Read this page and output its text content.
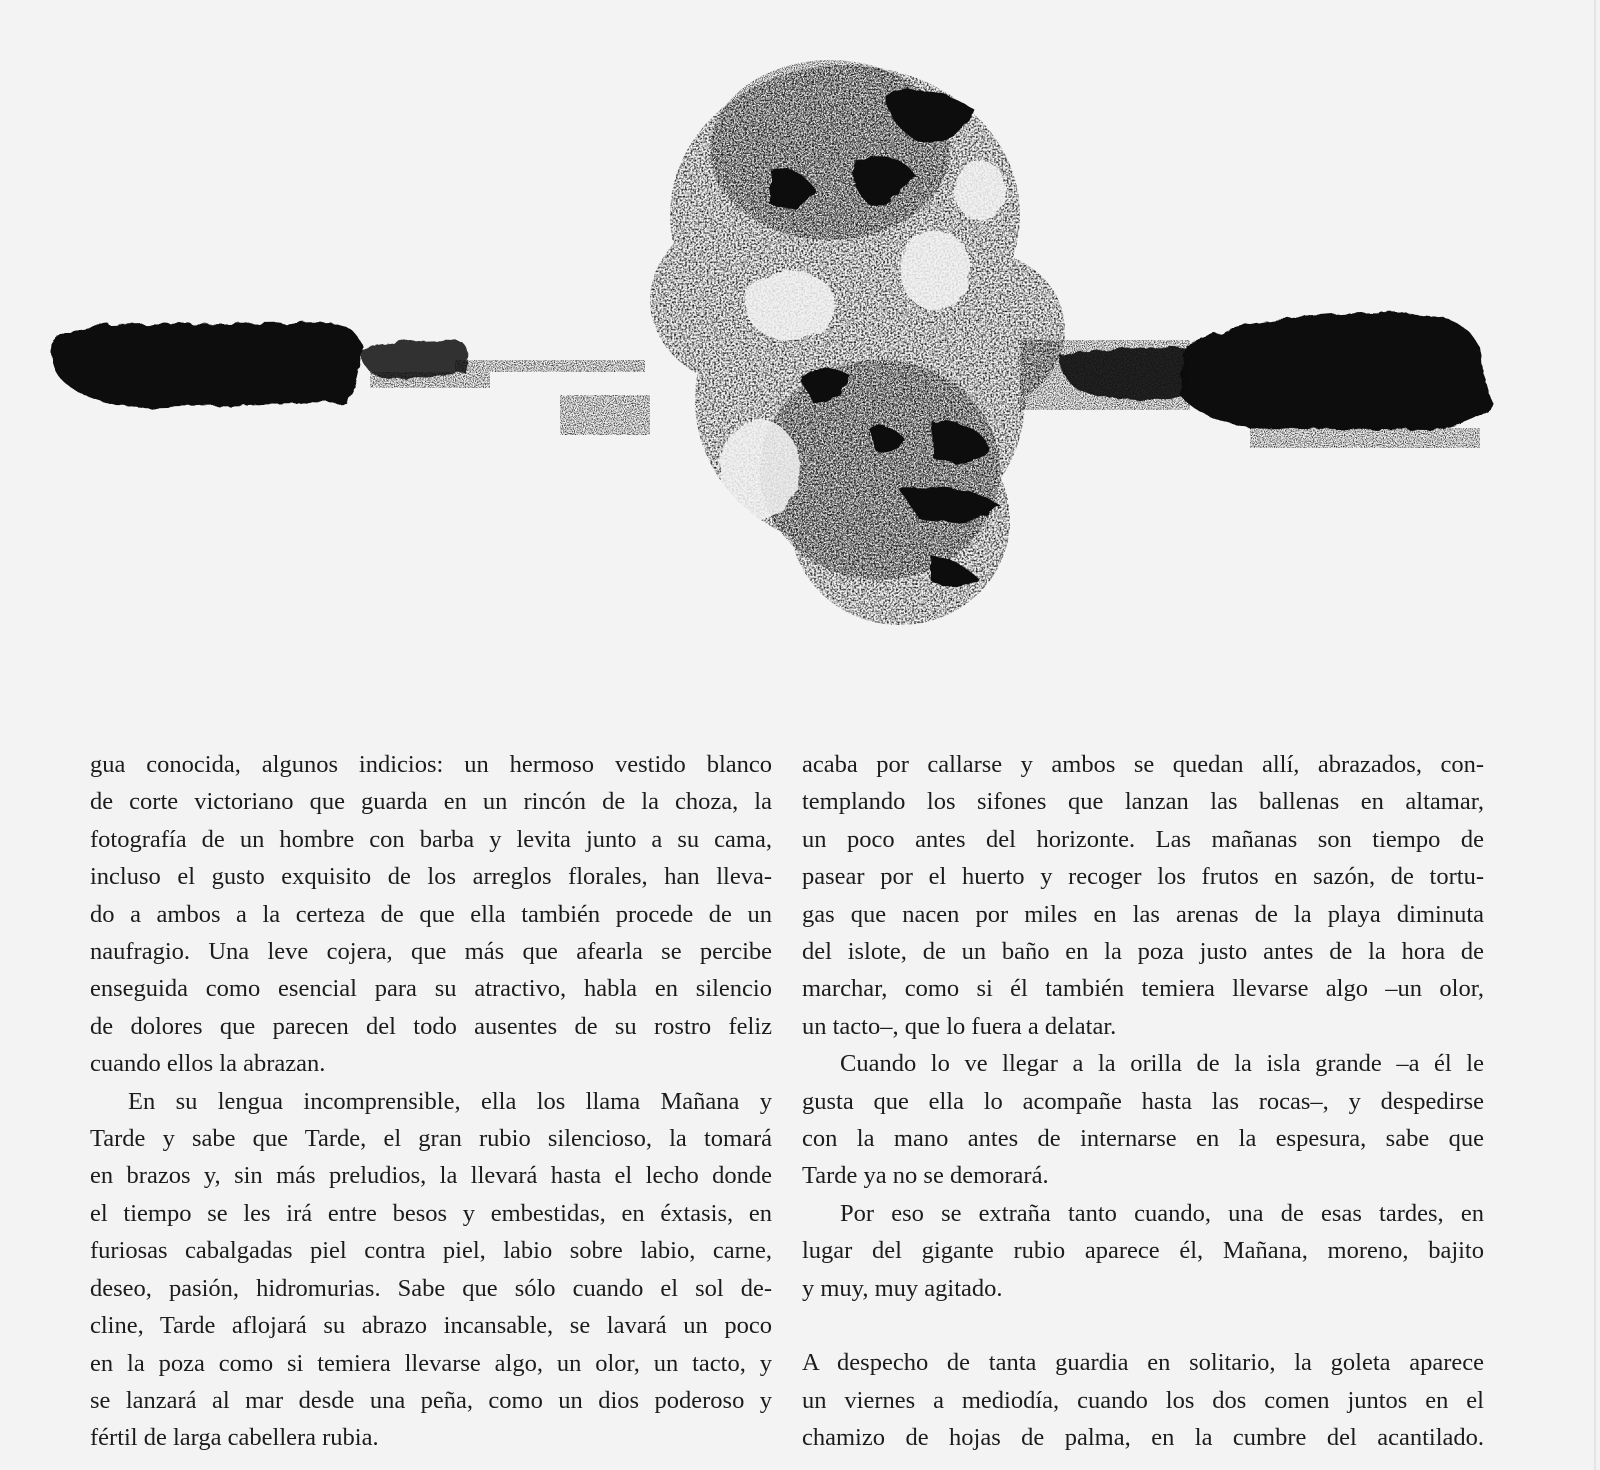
gua conocida, algunos indicios: un hermoso vestido blanco
de corte victoriano que guarda en un rincón de la choza, la
fotografía de un hombre con barba y levita junto a su cama,
incluso el gusto exquisito de los arreglos florales, han lleva-
do a ambos a la certeza de que ella también procede de un
naufragio. Una leve cojera, que más que afearla se percibe
enseguida como esencial para su atractivo, habla en silencio
de dolores que parecen del todo ausentes de su rostro feliz
cuando ellos la abrazan.

En su lengua incomprensible, ella los llama Mañana y
Tarde y sabe que Tarde, el gran rubio silencioso, la tomará
en brazos y, sin más preludios, la llevará hasta el lecho donde
el tiempo se les irá entre besos y embestidas, en éxtasis, en
furiosas cabalgadas piel contra piel, labio sobre labio, carne,
deseo, pasión, hidromurias. Sabe que sólo cuando el sol de-
cline, Tarde aflojará su abrazo incansable, se lavará un poco
en la poza como si temiera llevarse algo, un olor, un tacto, y
se lanzará al mar desde una peña, como un dios poderoso y
fértil de larga cabellera rubia.

acaba por callarse y ambos se quedan allí, abrazados, con-
templando los sifones que lanzan las ballenas en altamar,
un poco antes del horizonte. Las mañanas son tiempo de
pasear por el huerto y recoger los frutos en sazón, de tortu-
gas que nacen por miles en las arenas de la playa diminuta
del islote, de un baño en la poza justo antes de la hora de
marchar, como si él también temiera llevarse algo –un olor,
un tacto–, que lo fuera a delatar.

Cuando lo ve llegar a la orilla de la isla grande –a él le
gusta que ella lo acompañe hasta las rocas–, y despedirse
con la mano antes de internarse en la espesura, sabe que
Tarde ya no se demorará.

Por eso se extraña tanto cuando, una de esas tardes, en
lugar del gigante rubio aparece él, Mañana, moreno, bajito
y muy, muy agitado.

A despecho de tanta guardia en solitario, la goleta aparece
un viernes a mediodía, cuando los dos comen juntos en el
chamizo de hojas de palma, en la cumbre del acantilado.
